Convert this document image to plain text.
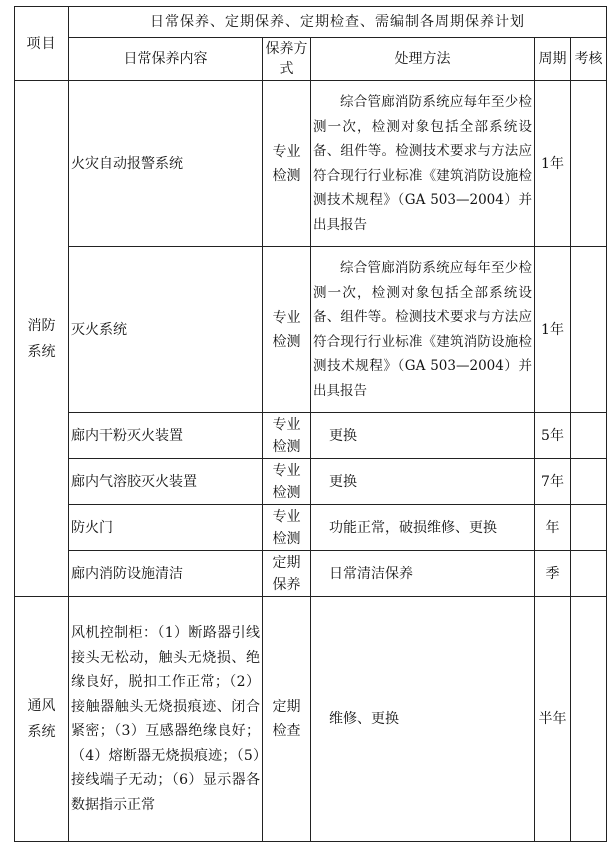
项目	日常保养、定期保养、定期检查、需编制各周期保养计划				
	日常保养内容	保养方式	处理方法	周期	考核
消防系统	火灾自动报警系统	专业检测	综合管廊消防系统应每年至少检测一次，检测对象包括全部系统设备、组件等。检测技术要求与方法应符合现行行业标准《建筑消防设施检测技术规程》（GA 503—2004）并出具报告	1年	
	灭火系统	专业检测	综合管廊消防系统应每年至少检测一次，检测对象包括全部系统设备、组件等。检测技术要求与方法应符合现行行业标准《建筑消防设施检测技术规程》（GA 503—2004）并出具报告	1年	
	廊内干粉灭火装置	专业检测	更换	5年	
	廊内气溶胶灭火装置	专业检测	更换	7年	
	防火门	专业检测	功能正常，破损维修、更换	年	
	廊内消防设施清洁	定期保养	日常清洁保养	季	
通风系统	风机控制柜：（1）断路器引线接头无松动，触头无烧损、绝缘良好，脱扣工作正常；（2）接触器触头无烧损痕迹、闭合紧密；（3）互感器绝缘良好；（4）熔断器无烧损痕迹；（5）接线端子无动；（6）显示器各数据指示正常	定期检查	维修、更换	半年	
